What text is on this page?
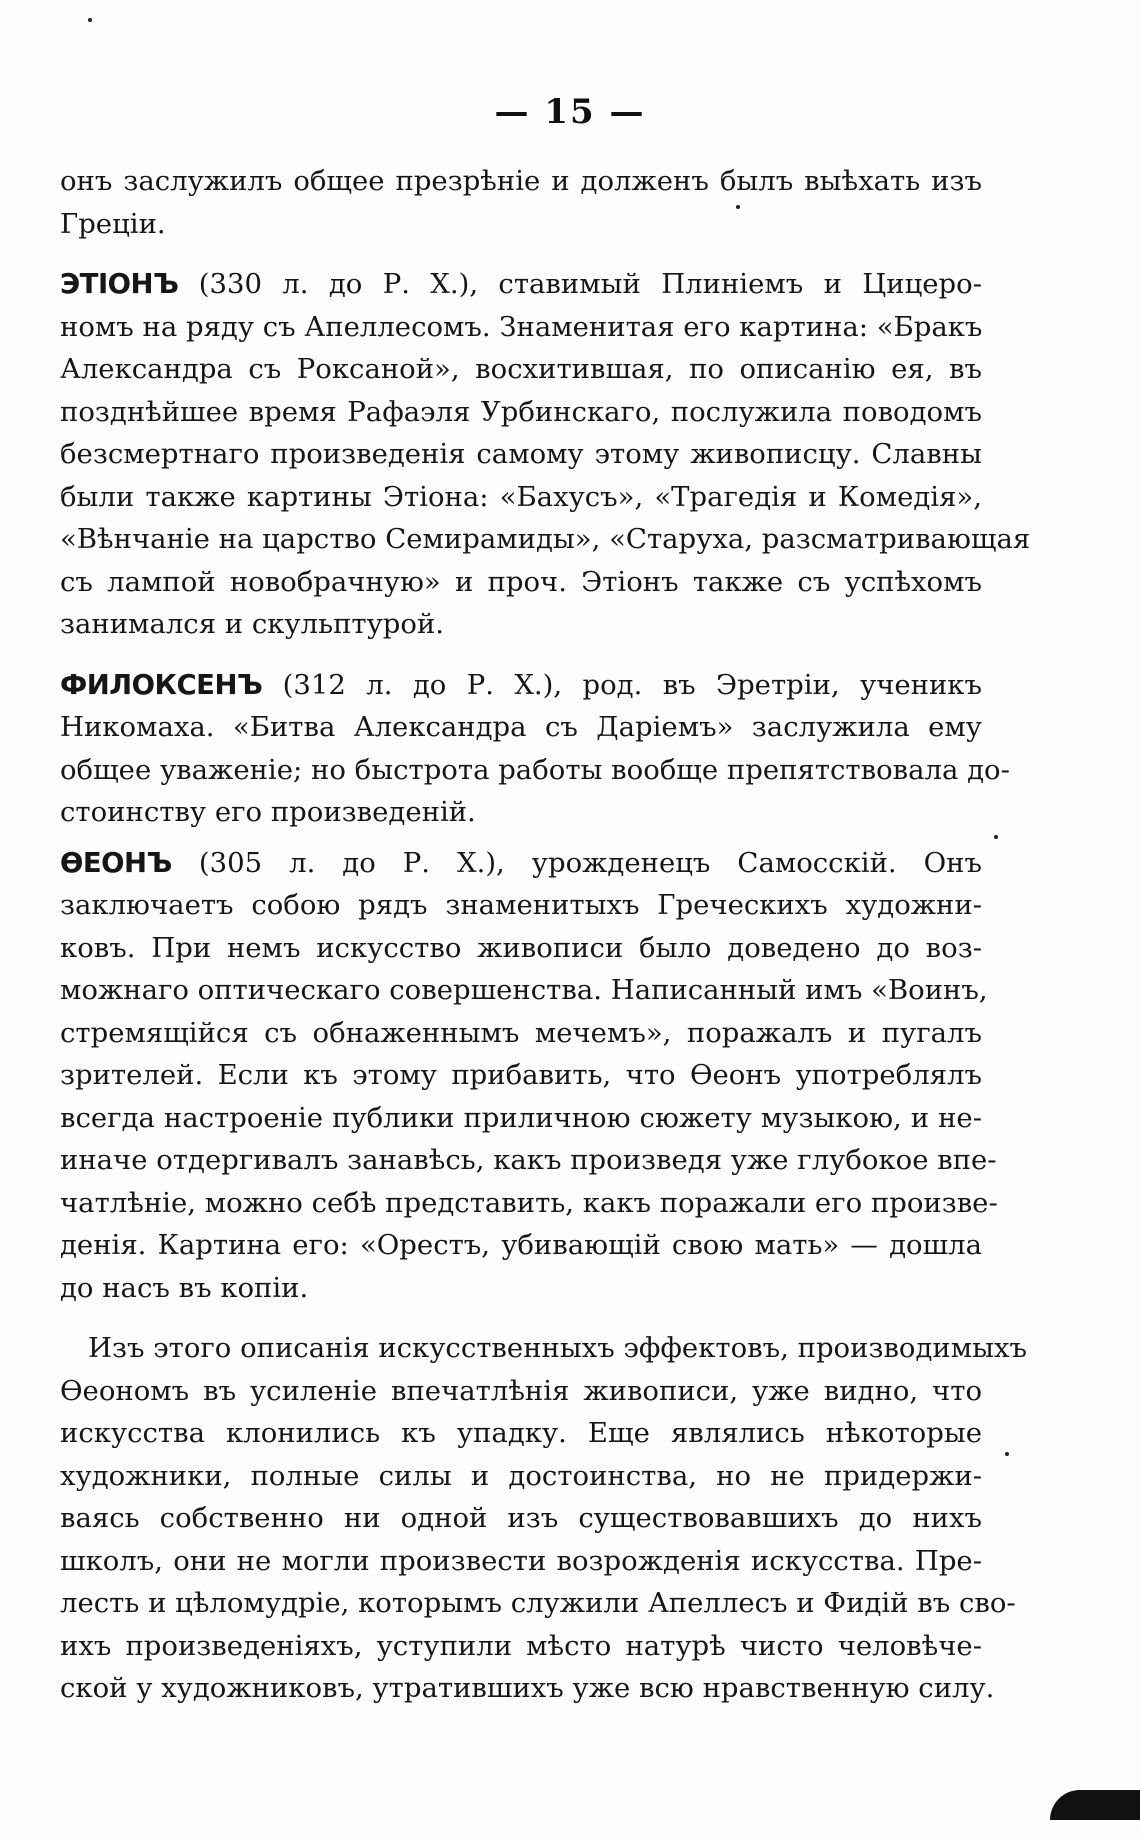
— 15 —
онъ заслужилъ общее презрѣніе и долженъ былъ выѣхать изъ
Греціи.
ЭТІОНЪ (330 л. до Р. Х.), ставимый Плиніемъ и Цицеро-
номъ на ряду съ Апеллесомъ. Знаменитая его картина: «Бракъ
Александра съ Роксаной», восхитившая, по описанію ея, въ
позднѣйшее время Рафаэля Урбинскаго, послужила поводомъ
безсмертнаго произведенія самому этому живописцу. Славны
были также картины Этіона: «Бахусъ», «Трагедія и Комедія»,
«Вѣнчаніе на царство Семирамиды», «Старуха, разсматривающая
съ лампой новобрачную» и проч. Этіонъ также съ успѣхомъ
занимался и скульптурой.
ФИЛОКСЕНЪ (312 л. до Р. Х.), род. въ Эретріи, ученикъ
Никомаха. «Битва Александра съ Даріемъ» заслужила ему
общее уваженіе; но быстрота работы вообще препятствовала до-
стоинству его произведеній.
ѲЕОНЪ (305 л. до Р. Х.), урожденецъ Самосскій. Онъ
заключаетъ собою рядъ знаменитыхъ Греческихъ художни-
ковъ. При немъ искусство живописи было доведено до воз-
можнаго оптическаго совершенства. Написанный имъ «Воинъ,
стремящійся съ обнаженнымъ мечемъ», поражалъ и пугалъ
зрителей. Если къ этому прибавить, что Ѳеонъ употреблялъ
всегда настроеніе публики приличною сюжету музыкою, и не-
иначе отдергивалъ занавѣсь, какъ произведя уже глубокое впе-
чатлѣніе, можно себѣ представить, какъ поражали его произве-
денія. Картина его: «Орестъ, убивающій свою мать» — дошла
до насъ въ копіи.
Изъ этого описанія искусственныхъ эффектовъ, производимыхъ
Ѳеономъ въ усиленіе впечатлѣнія живописи, уже видно, что
искусства клонились къ упадку. Еще являлись нѣкоторые
художники, полные силы и достоинства, но не придержи-
ваясь собственно ни одной изъ существовавшихъ до нихъ
школъ, они не могли произвести возрожденія искусства. Пре-
лесть и цѣломудріе, которымъ служили Апеллесъ и Фидій въ сво-
ихъ произведеніяхъ, уступили мѣсто натурѣ чисто человѣче-
ской у художниковъ, утратившихъ уже всю нравственную силу.
